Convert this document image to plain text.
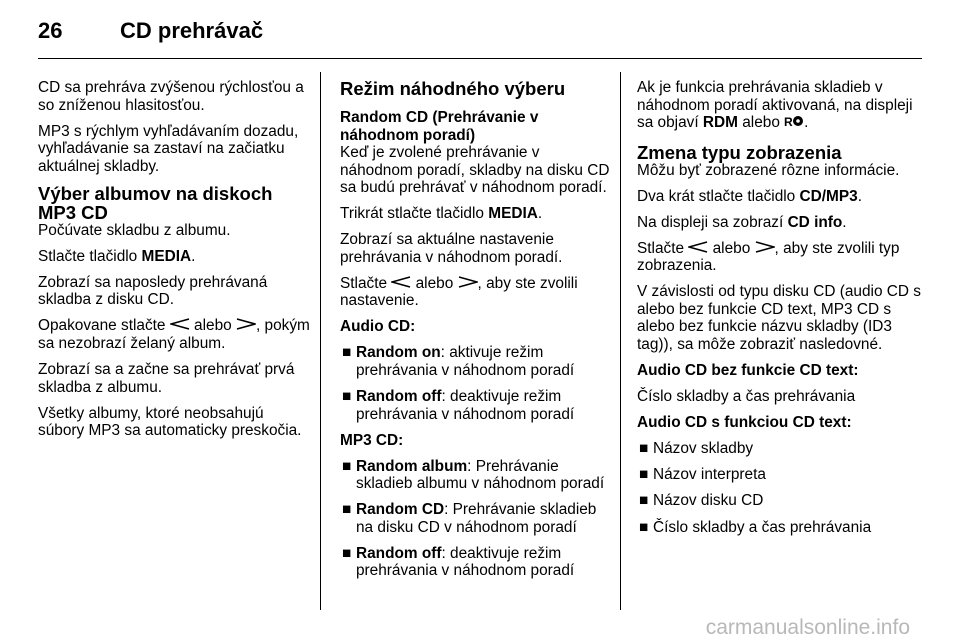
26	CD prehrávač

CD sa prehráva zvýšenou rýchlosťou a so zníženou hlasitosťou.

MP3 s rýchlym vyhľadávaním dozadu, vyhľadávanie sa zastaví na začiatku aktuálnej skladby.

Výber albumov na diskoch MP3 CD

Počúvate skladbu z albumu.

Stlačte tlačidlo MEDIA.

Zobrazí sa naposledy prehrávaná skladba z disku CD.

Opakovane stlačte  alebo , pokým sa nezobrazí želaný album.

Zobrazí sa a začne sa prehrávať prvá skladba z albumu.

Všetky albumy, ktoré neobsahujú súbory MP3 sa automaticky preskočia.

Režim náhodného výberu
Random CD (Prehrávanie v náhodnom poradí)

Keď je zvolené prehrávanie v náhodnom poradí, skladby na disku CD sa budú prehrávať v náhodnom poradí.

Trikrát stlačte tlačidlo MEDIA.

Zobrazí sa aktuálne nastavenie prehrávania v náhodnom poradí.

Stlačte  alebo , aby ste zvolili nastavenie.

Audio CD:
■ Random on: aktivuje režim prehrávania v náhodnom poradí
■ Random off: deaktivuje režim prehrávania v náhodnom poradí
MP3 CD:
■ Random album: Prehrávanie skladieb albumu v náhodnom poradí
■ Random CD: Prehrávanie skladieb na disku CD v náhodnom poradí
■ Random off: deaktivuje režim prehrávania v náhodnom poradí

Ak je funkcia prehrávania skladieb v náhodnom poradí aktivovaná, na displeji sa objaví RDM alebo R .

Zmena typu zobrazenia

Môžu byť zobrazené rôzne informácie.

Dva krát stlačte tlačidlo CD/MP3.

Na displeji sa zobrazí CD info.

Stlačte  alebo , aby ste zvolili typ zobrazenia.

V závislosti od typu disku CD (audio CD s alebo bez funkcie CD text, MP3 CD s alebo bez funkcie názvu skladby (ID3 tag)), sa môže zobraziť nasledovné.

Audio CD bez funkcie CD text:

Číslo skladby a čas prehrávania

Audio CD s funkciou CD text:
■ Názov skladby
■ Názov interpreta
■ Názov disku CD
■ Číslo skladby a čas prehrávania
carmanualsonline.info
